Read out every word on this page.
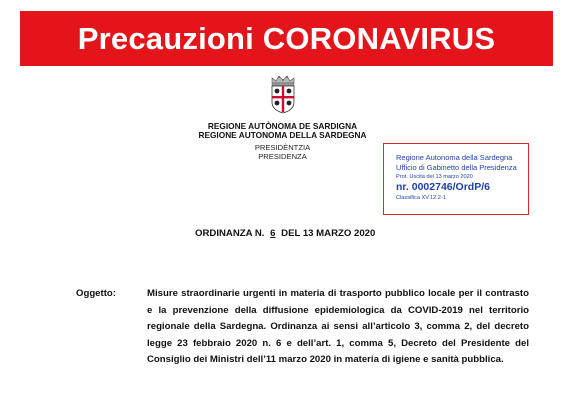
Precauzioni CORONAVIRUS
REGIONE AUTÒNOMA DE SARDIGNA
REGIONE AUTONOMA DELLA SARDEGNA
PRESIDÈNTZIA
PRESIDENZA	Regione Autonoma della Sardegna
Ufficio di Gabinetto della Presidenza
Prot. Uscita del 13 marzo 2020
nr. 0002746/OrdP/6
Classifica XV.12.2-1
ORDINANZA N. 6 DEL 13 MARZO 2020
Oggetto:	Misure straordinarie urgenti in materia di trasporto pubblico locale per il contrasto e la prevenzione della diffusione epidemiologica da COVID-2019 nel territorio regionale della Sardegna. Ordinanza ai sensi all’articolo 3, comma 2, del decreto legge 23 febbraio 2020 n. 6 e dell’art. 1, comma 5, Decreto del Presidente del Consiglio dei Ministri dell’11 marzo 2020 in materia di igiene e sanità pubblica.
